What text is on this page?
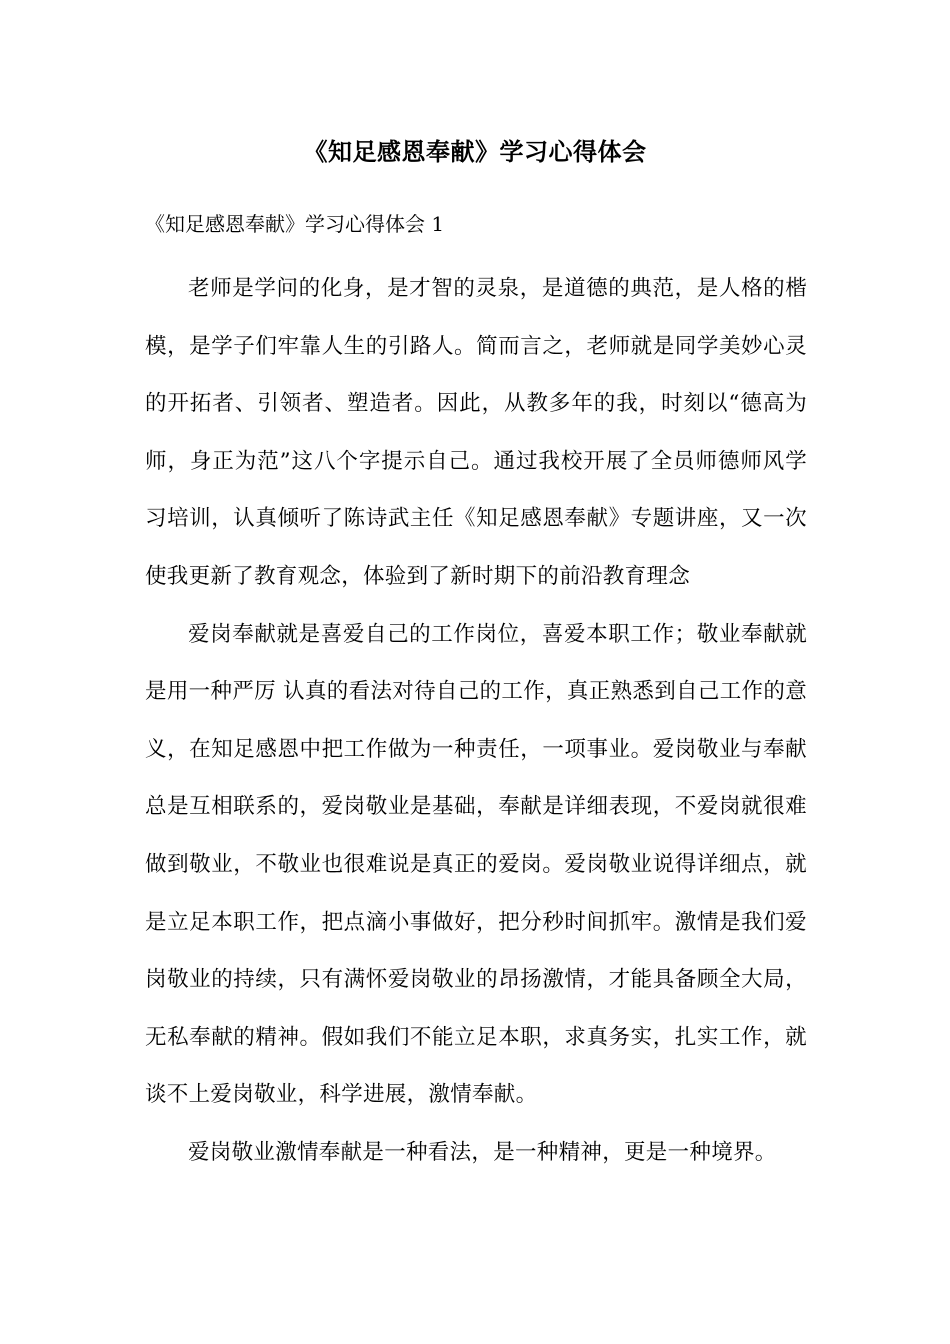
《知足感恩奉献》学习心得体会
《知足感恩奉献》学习心得体会 1

老师是学问的化身，是才智的灵泉，是道德的典范，是人格的楷模，是学子们牢靠人生的引路人。简而言之，老师就是同学美妙心灵的开拓者、引领者、塑造者。因此，从教多年的我，时刻以“德高为师，身正为范”这八个字提示自己。通过我校开展了全员师德师风学习培训，认真倾听了陈诗武主任《知足感恩奉献》专题讲座，又一次使我更新了教育观念，体验到了新时期下的前沿教育理念

爱岗奉献就是喜爱自己的工作岗位，喜爱本职工作；敬业奉献就是用一种严厉 认真的看法对待自己的工作，真正熟悉到自己工作的意义，在知足感恩中把工作做为一种责任，一项事业。爱岗敬业与奉献总是互相联系的，爱岗敬业是基础，奉献是详细表现，不爱岗就很难做到敬业，不敬业也很难说是真正的爱岗。爱岗敬业说得详细点，就是立足本职工作，把点滴小事做好，把分秒时间抓牢。激情是我们爱岗敬业的持续，只有满怀爱岗敬业的昂扬激情，才能具备顾全大局，无私奉献的精神。假如我们不能立足本职，求真务实，扎实工作，就谈不上爱岗敬业，科学进展，激情奉献。

爱岗敬业激情奉献是一种看法，是一种精神，更是一种境界。
